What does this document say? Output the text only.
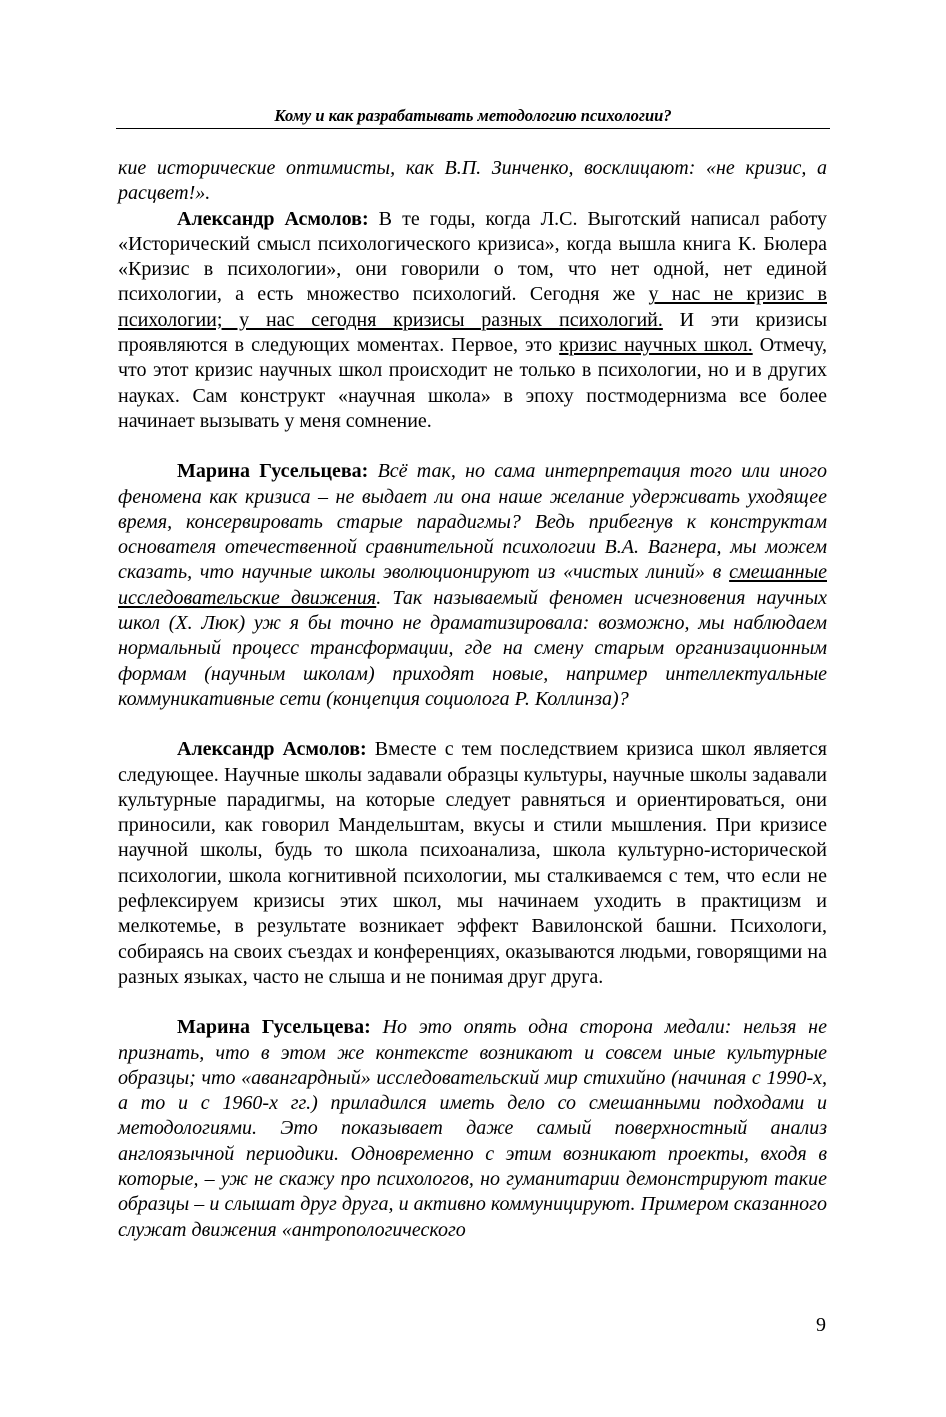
Кому и как разрабатывать методологию психологии?

кие исторические оптимисты, как В.П. Зинченко, восклицают: «не кризис, а расцвет!».

Александр Асмолов: В те годы, когда Л.С. Выготский написал работу «Исторический смысл психологического кризиса», когда вышла книга К. Бюлера «Кризис в психологии», они говорили о том, что нет одной, нет единой психологии, а есть множество психологий. Сегодня же у нас не кризис в психологии; у нас сегодня кризисы разных психологий. И эти кризисы проявляются в следующих моментах. Первое, это кризис научных школ. Отмечу, что этот кризис научных школ происходит не только в психологии, но и в других науках. Сам конструкт «научная школа» в эпоху постмодернизма все более начинает вызывать у меня сомнение.

Марина Гусельцева: Всё так, но сама интерпретация того или иного феномена как кризиса – не выдает ли она наше желание удерживать уходящее время, консервировать старые парадигмы? Ведь прибегнув к конструктам основателя отечественной сравнительной психологии В.А. Вагнера, мы можем сказать, что научные школы эволюционируют из «чистых линий» в смешанные исследовательские движения. Так называемый феномен исчезновения научных школ (Х. Люк) уж я бы точно не драматизировала: возможно, мы наблюдаем нормальный процесс трансформации, где на смену старым организационным формам (научным школам) приходят новые, например интеллектуальные коммуникативные сети (концепция социолога Р. Коллинза)?

Александр Асмолов: Вместе с тем последствием кризиса школ является следующее. Научные школы задавали образцы культуры, научные школы задавали культурные парадигмы, на которые следует равняться и ориентироваться, они приносили, как говорил Мандельштам, вкусы и стили мышления. При кризисе научной школы, будь то школа психоанализа, школа культурно-исторической психологии, школа когнитивной психологии, мы сталкиваемся с тем, что если не рефлексируем кризисы этих школ, мы начинаем уходить в практицизм и мелкотемье, в результате возникает эффект Вавилонской башни. Психологи, собираясь на своих съездах и конференциях, оказываются людьми, говорящими на разных языках, часто не слыша и не понимая друг друга.

Марина Гусельцева: Но это опять одна сторона медали: нельзя не признать, что в этом же контексте возникают и совсем иные культурные образцы; что «авангардный» исследовательский мир стихийно (начиная с 1990-х, а то и с 1960-х гг.) приладился иметь дело со смешанными подходами и методологиями. Это показывает даже самый поверхностный анализ англоязычной периодики. Одновременно с этим возникают проекты, входя в которые, – уж не скажу про психологов, но гуманитарии демонстрируют такие образцы – и слышат друг друга, и активно коммуницируют. Примером сказанного служат движения «антропологического

9
